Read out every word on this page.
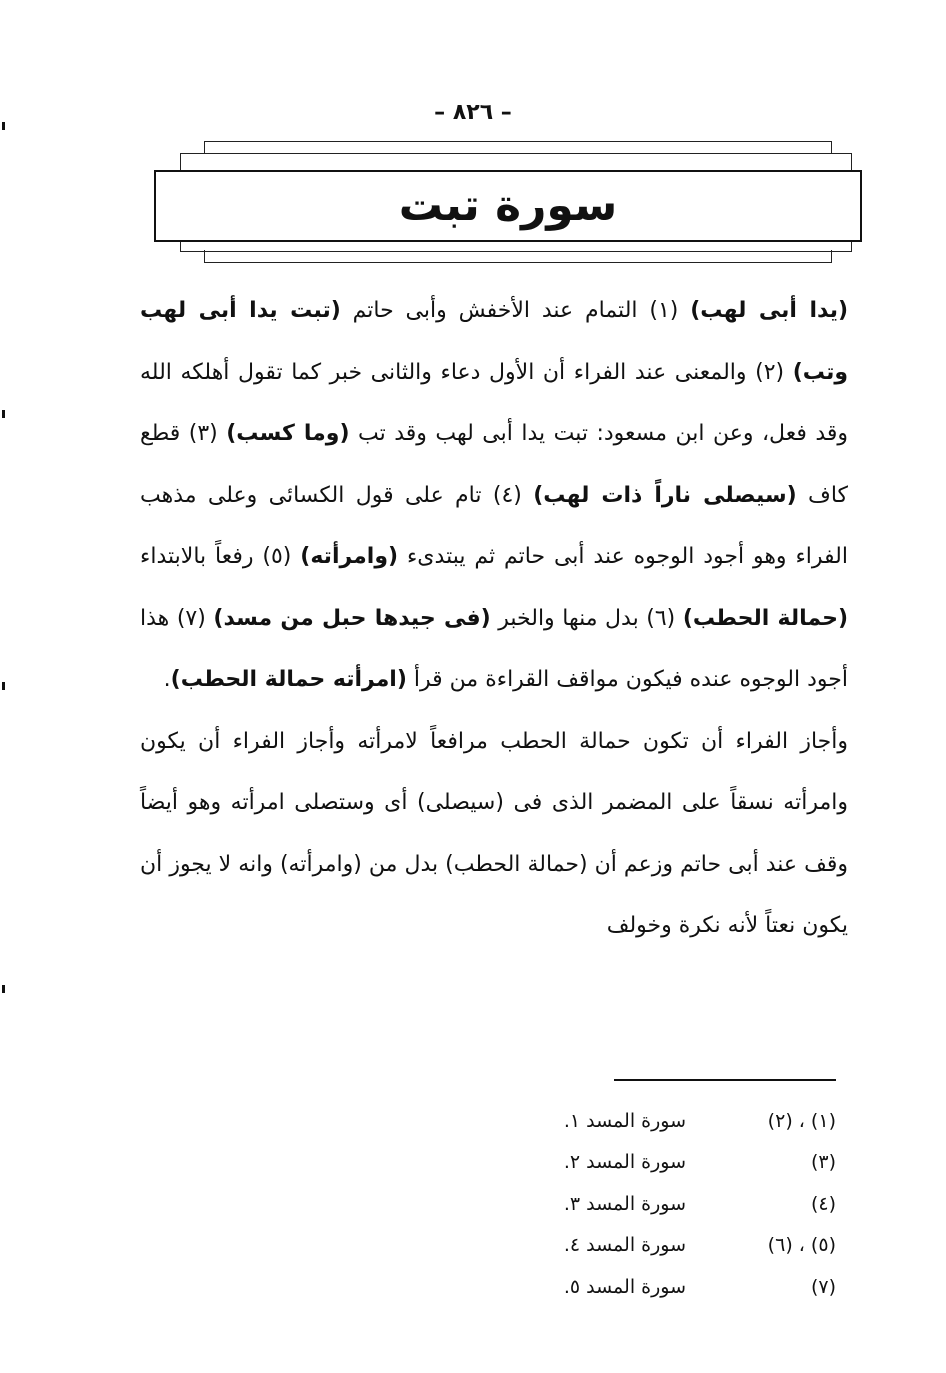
– ٨٢٦ –
سورة تبت

(يدا أبى لهب) (١) التمام عند الأخفش وأبى حاتم (تبت يدا أبى لهب وتب) (٢) والمعنى عند الفراء أن الأول دعاء والثانى خبر كما تقول أهلكه الله وقد فعل، وعن ابن مسعود: تبت يدا أبى لهب وقد تب (وما كسب) (٣) قطع كاف (سيصلى ناراً ذات لهب) (٤) تام على قول الكسائى وعلى مذهب الفراء وهو أجود الوجوه عند أبى حاتم ثم يبتدىء (وامرأته) (٥) رفعاً بالابتداء (حمالة الحطب) (٦) بدل منها والخبر (فى جيدها حبل من مسد) (٧) هذا أجود الوجوه عنده فيكون مواقف القراءة من قرأ (امرأته حمالة الحطب).

وأجاز الفراء أن تكون حمالة الحطب مرافعاً لامرأته وأجاز الفراء أن يكون وامرأته نسقاً على المضمر الذى فى (سيصلى) أى وستصلى امرأته وهو أيضاً وقف عند أبى حاتم وزعم أن (حمالة الحطب) بدل من (وامرأته) وانه لا يجوز أن يكون نعتاً لأنه نكرة وخولف

(١) ، (٢)
سورة المسد ١.
(٣)
سورة المسد ٢.
(٤)
سورة المسد ٣.
(٥) ، (٦)
سورة المسد ٤.
(٧)
سورة المسد ٥.
